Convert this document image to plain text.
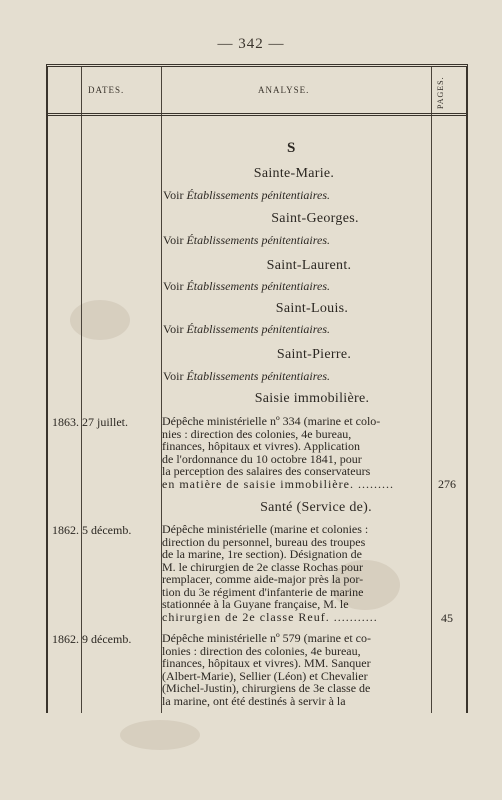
— 342 —
DATES.	ANALYSE.	PAGES.
S
Sainte-Marie.
Voir Établissements pénitentiaires.
Saint-Georges.
Voir Établissements pénitentiaires.
Saint-Laurent.
Voir Établissements pénitentiaires.
Saint-Louis.
Voir Établissements pénitentiaires.
Saint-Pierre.
Voir Établissements pénitentiaires.
Saisie immobilière.
1863. 27 juillet.	Dépêche ministérielle nº 334 (marine et colo-
nies : direction des colonies, 4e bureau,
finances, hôpitaux et vivres). Application
de l'ordonnance du 10 octobre 1841, pour
la perception des salaires des conservateurs
en matière de saisie immobilière. .........	276
Santé (Service de).
1862. 5 décemb.	Dépêche ministérielle (marine et colonies :
direction du personnel, bureau des troupes
de la marine, 1re section). Désignation de
M. le chirurgien de 2e classe Rochas pour
remplacer, comme aide-major près la por-
tion du 3e régiment d'infanterie de marine
stationnée à la Guyane française, M. le
chirurgien de 2e classe Reuf. ...........	45
1862. 9 décemb.	Dépêche ministérielle nº 579 (marine et co-
lonies : direction des colonies, 4e bureau,
finances, hôpitaux et vivres). MM. Sanquer
(Albert-Marie), Sellier (Léon) et Chevalier
(Michel-Justin), chirurgiens de 3e classe de
la marine, ont été destinés à servir à la
